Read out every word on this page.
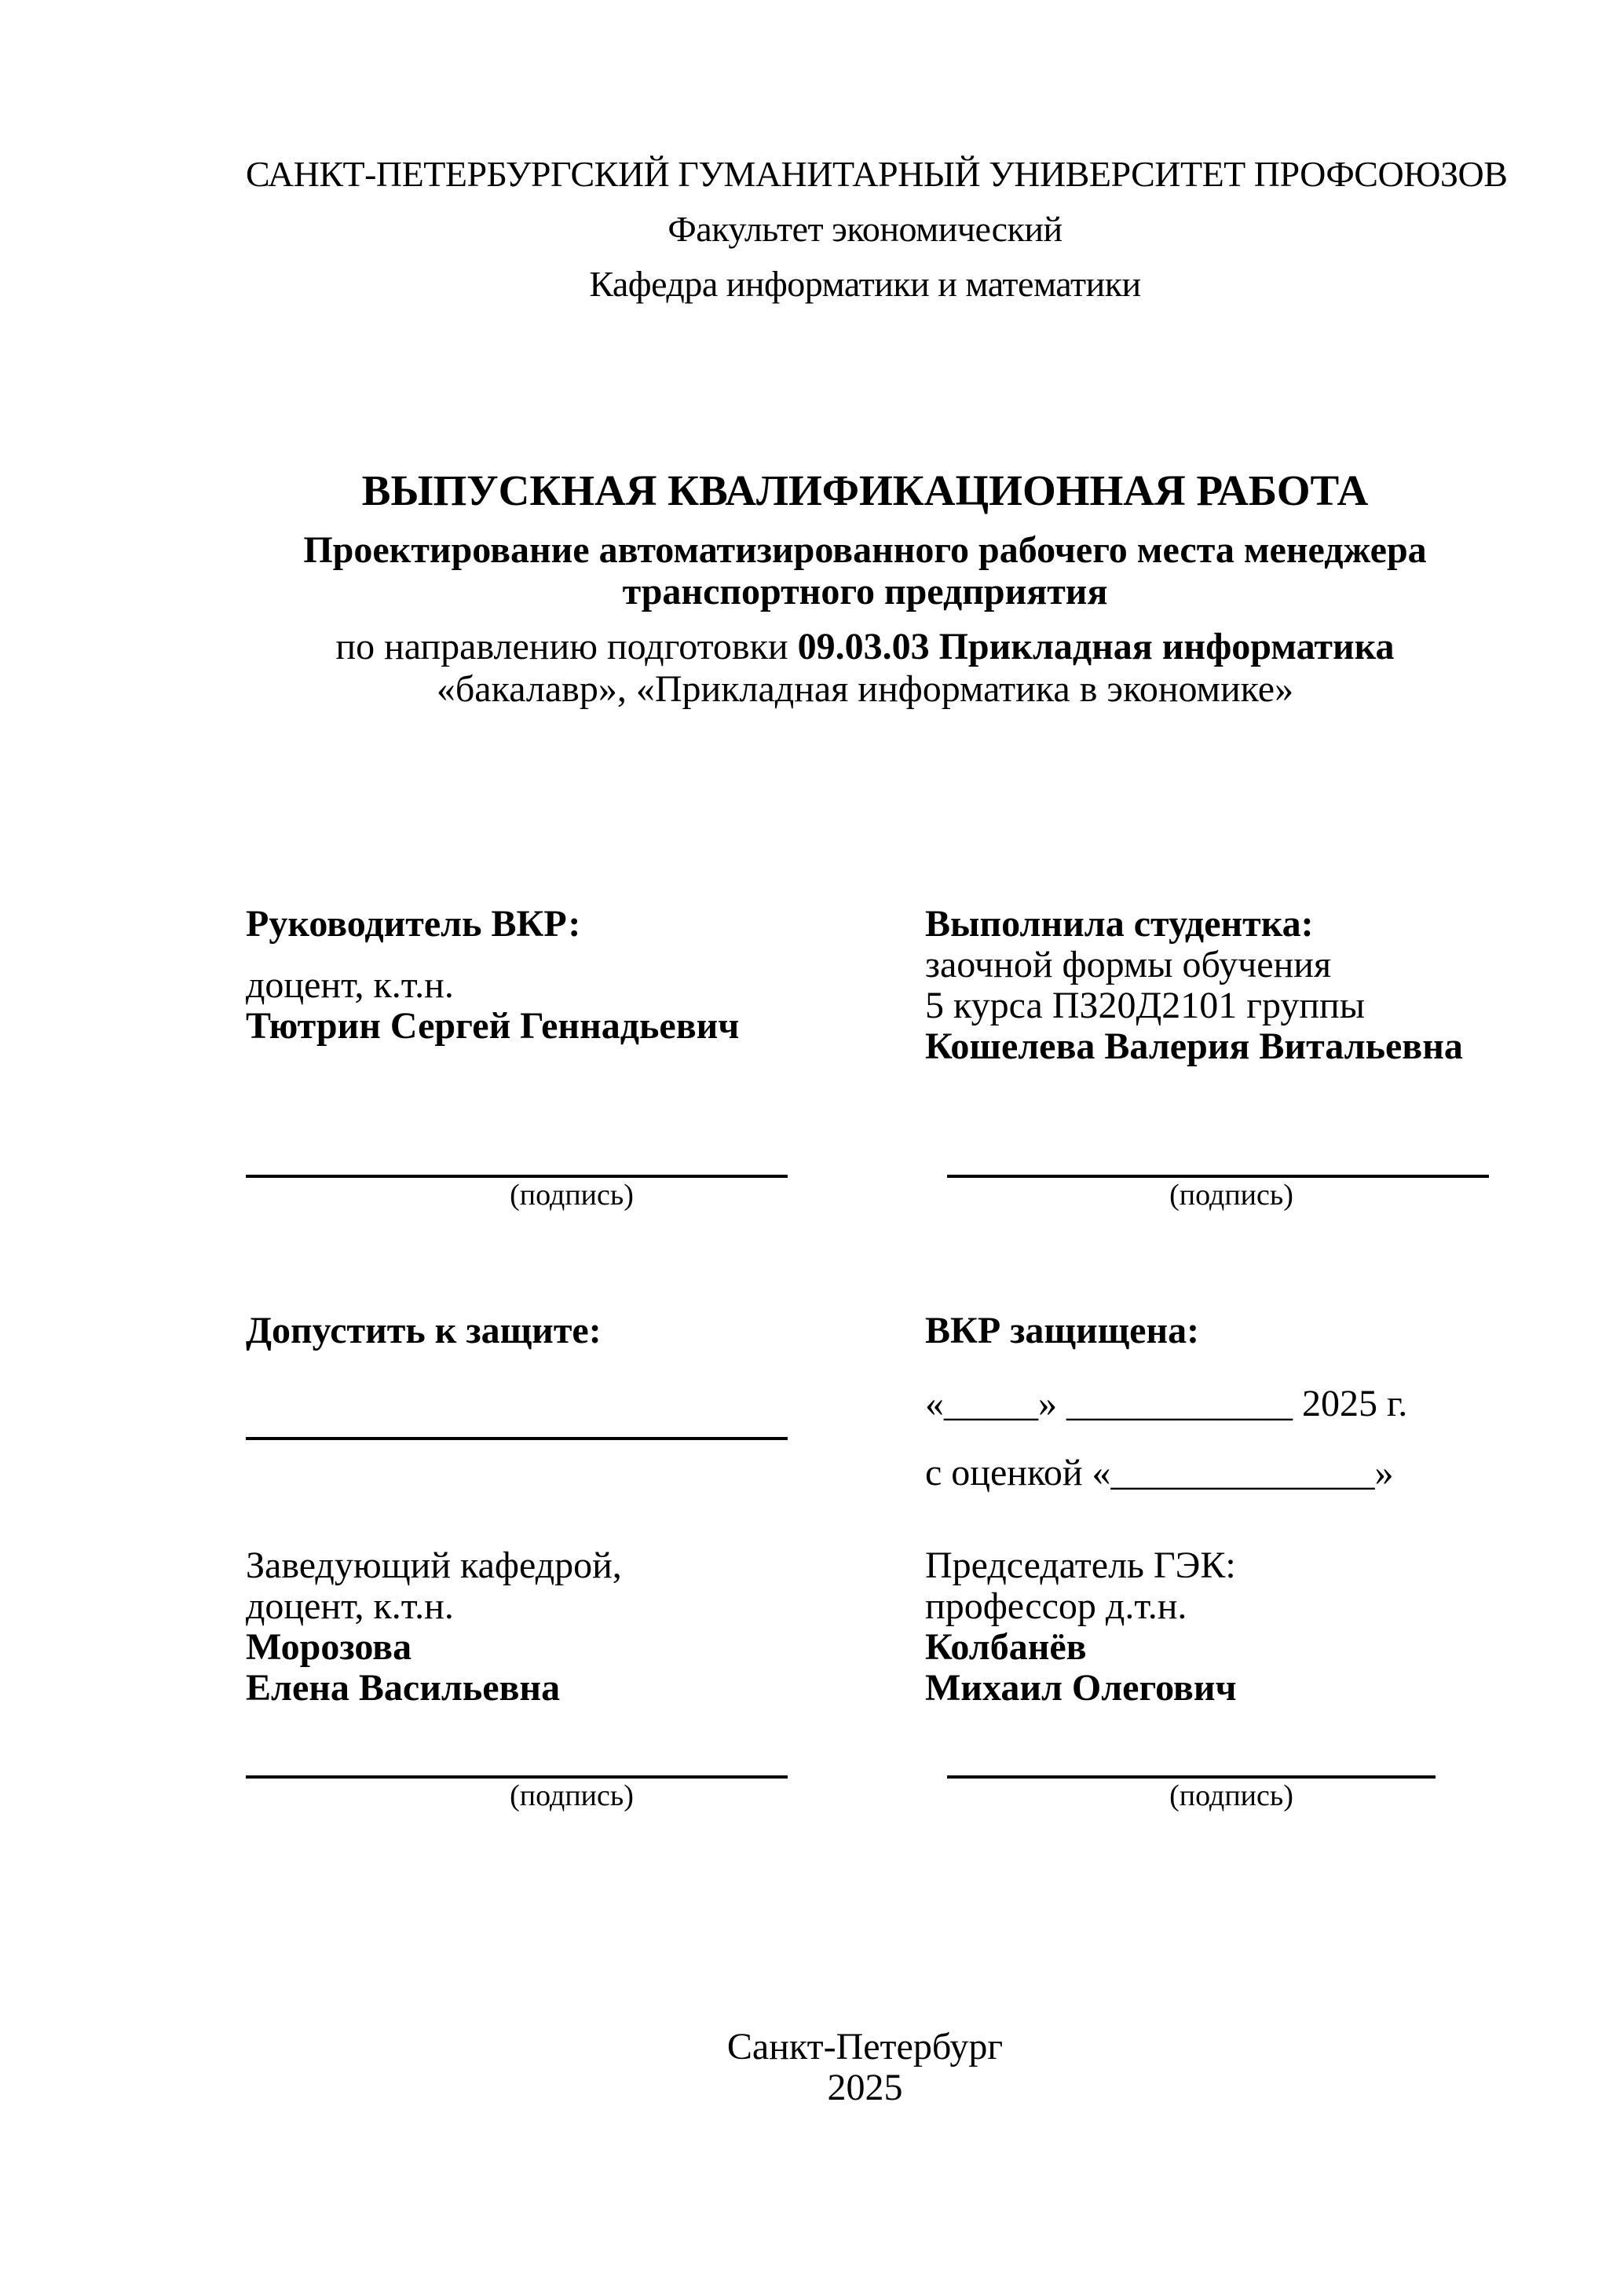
САНКТ-ПЕТЕРБУРГСКИЙ ГУМАНИТАРНЫЙ УНИВЕРСИТЕТ ПРОФСОЮЗОВ
Факультет экономический
Кафедра информатики и математики
ВЫПУСКНАЯ КВАЛИФИКАЦИОННАЯ РАБОТА
Проектирование автоматизированного рабочего места менеджера
транспортного предприятия
по направлению подготовки 09.03.03 Прикладная информатика
«бакалавр», «Прикладная информатика в экономике»
Руководитель ВКР:
доцент, к.т.н.
Тютрин Сергей Геннадьевич
Выполнила студентка:
заочной формы обучения
5 курса ПЗ20Д2101 группы
Кошелева Валерия Витальевна
(подпись)	(подпись)
Допустить к защите:	ВКР защищена:
«_____» ____________ 2025 г.
с оценкой «______________»
Заведующий кафедрой,
доцент, к.т.н.
Морозова
Елена Васильевна
Председатель ГЭК:
профессор д.т.н.
Колбанёв
Михаил Олегович
(подпись)	(подпись)
Санкт-Петербург
2025
